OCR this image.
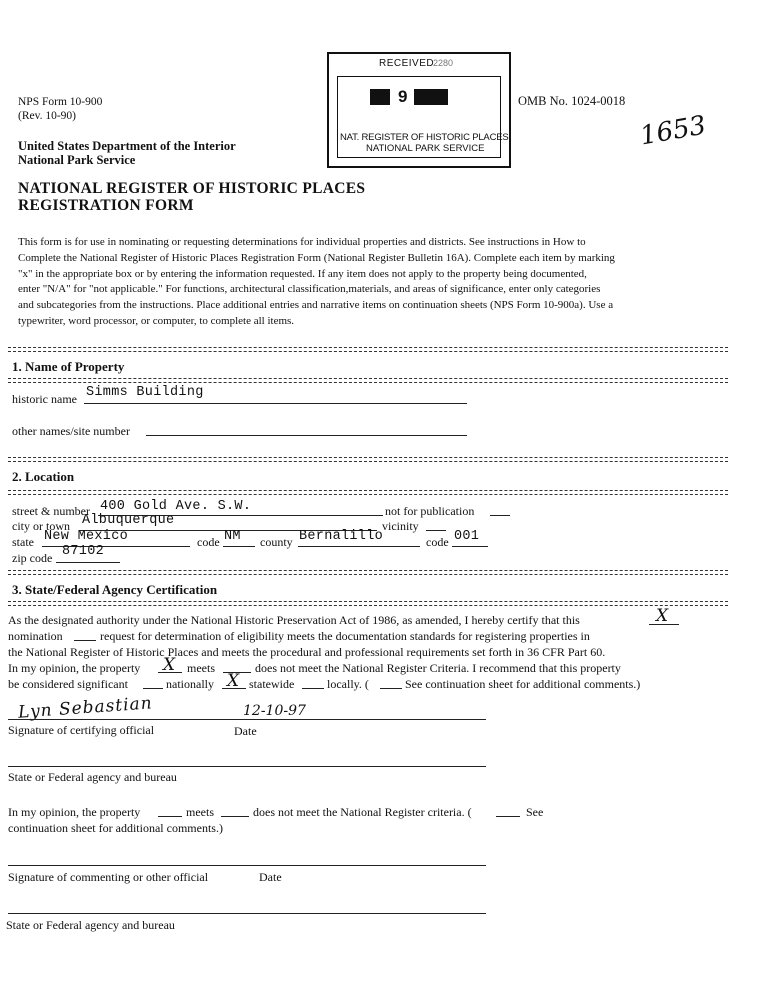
NPS Form 10-900
(Rev. 10-90)
United States Department of the Interior
National Park Service
OMB No. 1024-0018
1653
RECEIVED
2280
9
NAT. REGISTER OF HISTORIC PLACES
NATIONAL PARK SERVICE
NATIONAL REGISTER OF HISTORIC PLACES
REGISTRATION FORM
This form is for use in nominating or requesting determinations for individual properties and districts. See instructions in How to
Complete the National Register of Historic Places Registration Form (National Register Bulletin 16A). Complete each item by marking
"x" in the appropriate box or by entering the information requested. If any item does not apply to the property being documented,
enter "N/A" for "not applicable." For functions, architectural classification,materials, and areas of significance, enter only categories
and subcategories from the instructions. Place additional entries and narrative items on continuation sheets (NPS Form 10-900a). Use a
typewriter, word processor, or computer, to complete all items.
1. Name of Property
historic name Simms Building
other names/site number
2. Location
street & number 400 Gold Ave. S.W.	not for publication
city or town Albuquerque	vicinity
state New Mexico	code NM county Bernalillo	code 001
zip code 87102
3. State/Federal Agency Certification
As the designated authority under the National Historic Preservation Act of 1986, as amended, I hereby certify that this	X
nomination	request for determination of eligibility meets the documentation standards for registering properties in
the National Register of Historic Places and meets the procedural and professional requirements set forth in 36 CFR Part 60.
In my opinion, the property X meets	does not meet the National Register Criteria. I recommend that this property
be considered significant	nationally X statewide	locally. (	See continuation sheet for additional comments.)
Lyn Sebastian	12-10-97
Signature of certifying official	Date
State or Federal agency and bureau
In my opinion, the property	meets	does not meet the National Register criteria. (	See
continuation sheet for additional comments.)
Signature of commenting or other official	Date
State or Federal agency and bureau
